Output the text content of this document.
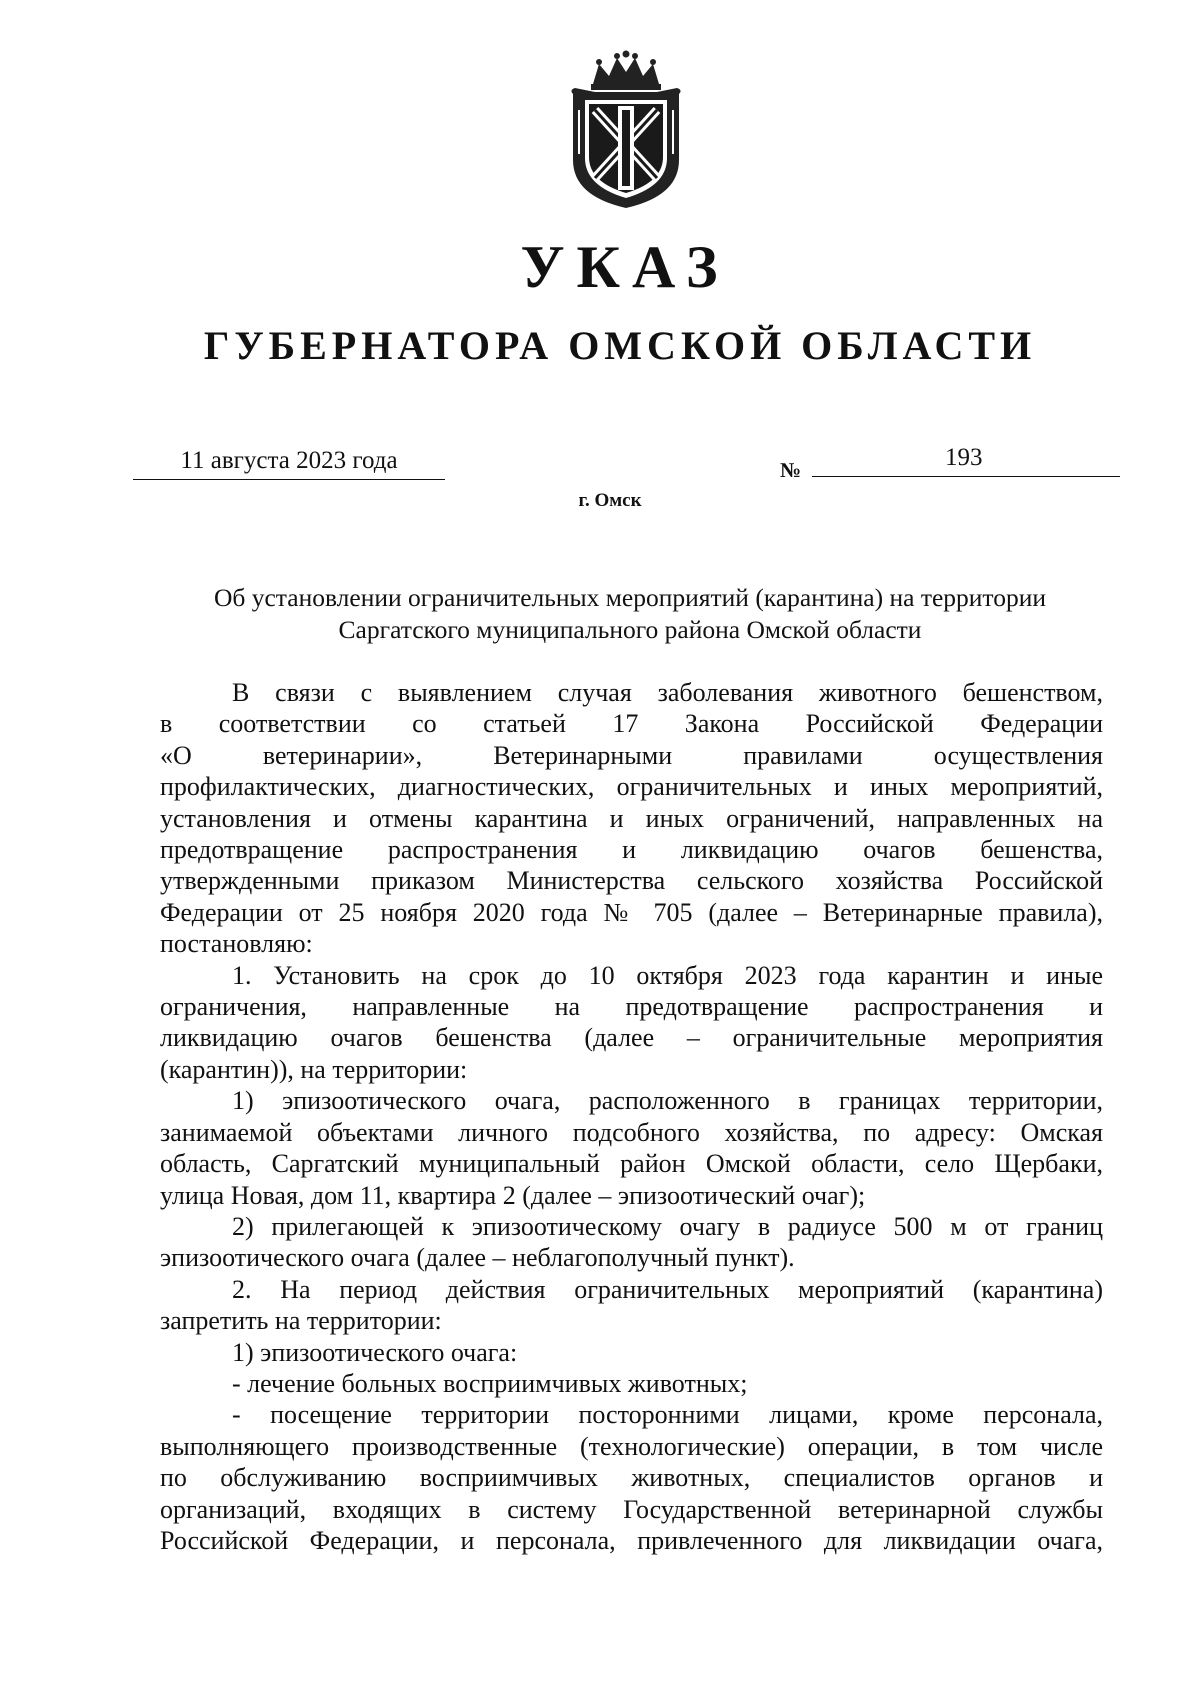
УКАЗ
ГУБЕРНАТОРА ОМСКОЙ ОБЛАСТИ
11 августа 2023 года	№	193
г. Омск
Об установлении ограничительных мероприятий (карантина) на территории
Саргатского муниципального района Омской области

В связи с выявлением случая заболевания животного бешенством,

в соответствии со статьей 17 Закона Российской Федерации

«О ветеринарии», Ветеринарными правилами осуществления

профилактических, диагностических, ограничительных и иных мероприятий,

установления и отмены карантина и иных ограничений, направленных на

предотвращение распространения и ликвидацию очагов бешенства,

утвержденными приказом Министерства сельского хозяйства Российской

Федерации от 25 ноября 2020 года № 705 (далее – Ветеринарные правила),

постановляю:

1. Установить на срок до 10 октября 2023 года карантин и иные

ограничения, направленные на предотвращение распространения и

ликвидацию очагов бешенства (далее – ограничительные мероприятия

(карантин)), на территории:

1) эпизоотического очага, расположенного в границах территории,

занимаемой объектами личного подсобного хозяйства, по адресу: Омская

область, Саргатский муниципальный район Омской области, село Щербаки,

улица Новая, дом 11, квартира 2 (далее – эпизоотический очаг);

2) прилегающей к эпизоотическому очагу в радиусе 500 м от границ

эпизоотического очага (далее – неблагополучный пункт).

2. На период действия ограничительных мероприятий (карантина)

запретить на территории:

1) эпизоотического очага:

- лечение больных восприимчивых животных;

- посещение территории посторонними лицами, кроме персонала,

выполняющего производственные (технологические) операции, в том числе

по обслуживанию восприимчивых животных, специалистов органов и

организаций, входящих в систему Государственной ветеринарной службы

Российской Федерации, и персонала, привлеченного для ликвидации очага,
